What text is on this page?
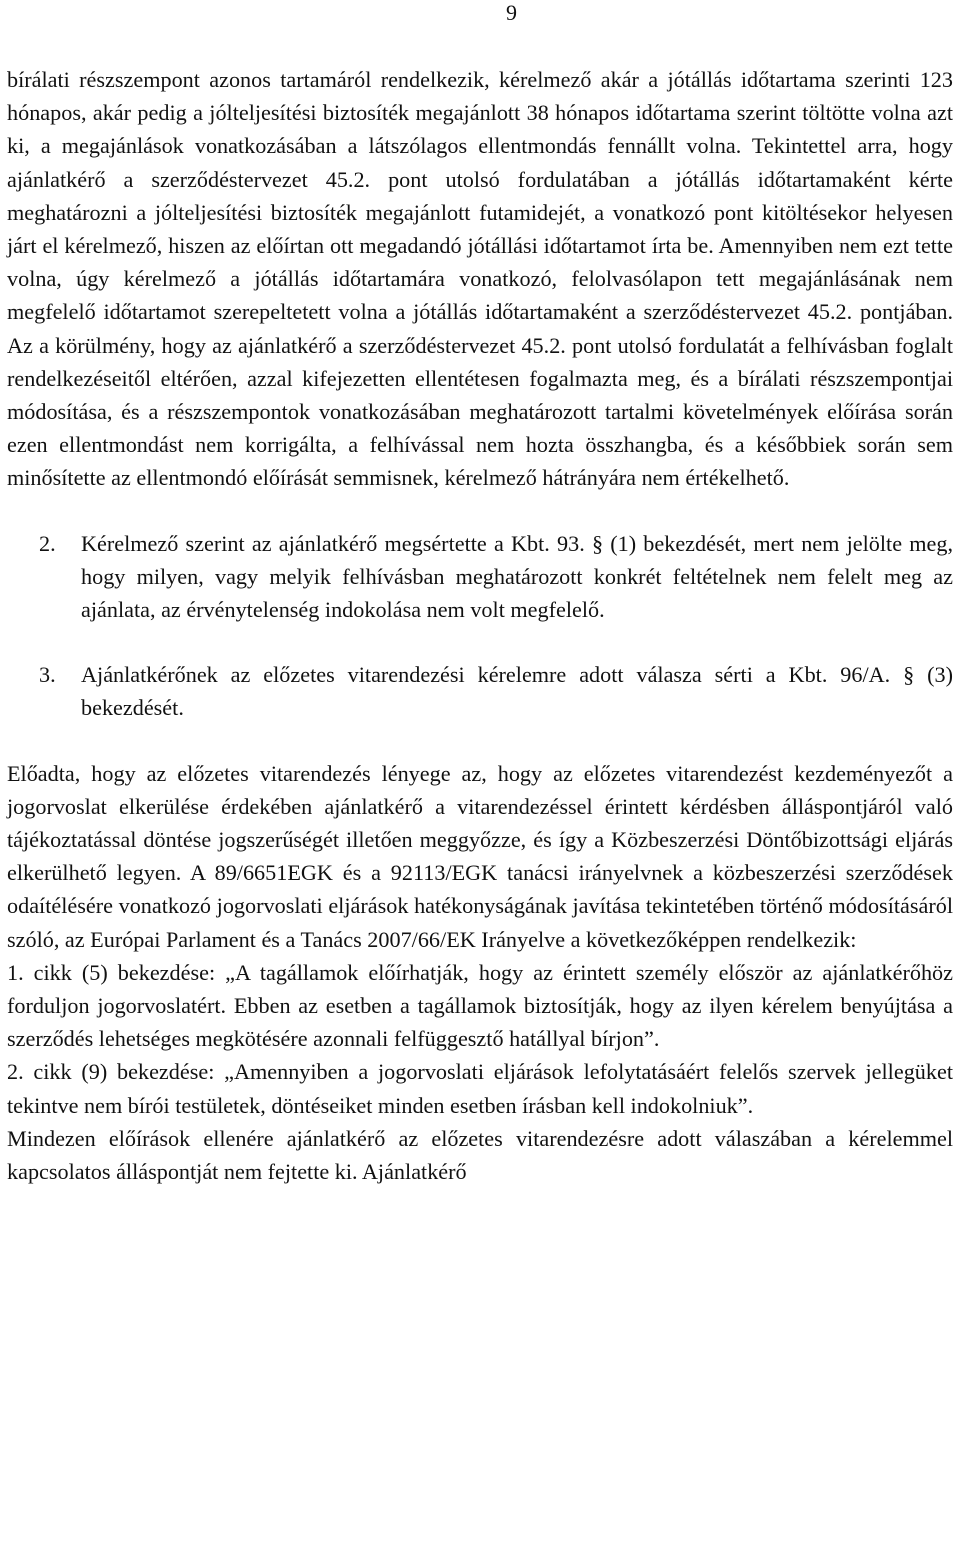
9

bírálati részszempont azonos tartamáról rendelkezik, kérelmező akár a jótállás időtartama szerinti 123 hónapos, akár pedig a jólteljesítési biztosíték megajánlott 38 hónapos időtartama szerint töltötte volna azt ki, a megajánlások vonatkozásában a látszólagos ellentmondás fennállt volna. Tekintettel arra, hogy ajánlatkérő a szerződéstervezet 45.2. pont utolsó fordulatában a jótállás időtartamaként kérte meghatározni a jólteljesítési biztosíték megajánlott futamidejét, a vonatkozó pont kitöltésekor helyesen járt el kérelmező, hiszen az előírtan ott megadandó jótállási időtartamot írta be. Amennyiben nem ezt tette volna, úgy kérelmező a jótállás időtartamára vonatkozó, felolvasólapon tett megajánlásának nem megfelelő időtartamot szerepeltetett volna a jótállás időtartamaként a szerződéstervezet 45.2. pontjában. Az a körülmény, hogy az ajánlatkérő a szerződéstervezet 45.2. pont utolsó fordulatát a felhívásban foglalt rendelkezéseitől eltérően, azzal kifejezetten ellentétesen fogalmazta meg, és a bírálati részszempontjai módosítása, és a részszempontok vonatkozásában meghatározott tartalmi követelmények előírása során ezen ellentmondást nem korrigálta, a felhívással nem hozta összhangba, és a későbbiek során sem minősítette az ellentmondó előírását semmisnek, kérelmező hátrányára nem értékelhető.

2. Kérelmező szerint az ajánlatkérő megsértette a Kbt. 93. § (1) bekezdését, mert nem jelölte meg, hogy milyen, vagy melyik felhívásban meghatározott konkrét feltételnek nem felelt meg az ajánlata, az érvénytelenség indokolása nem volt megfelelő.
3. Ajánlatkérőnek az előzetes vitarendezési kérelemre adott válasza sérti a Kbt. 96/A. § (3) bekezdését.

Előadta, hogy az előzetes vitarendezés lényege az, hogy az előzetes vitarendezést kezdeményezőt a jogorvoslat elkerülése érdekében ajánlatkérő a vitarendezéssel érintett kérdésben álláspontjáról való tájékoztatással döntése jogszerűségét illetően meggyőzze, és így a Közbeszerzési Döntőbizottsági eljárás elkerülhető legyen. A 89/6651EGK és a 92113/EGK tanácsi irányelvnek a közbeszerzési szerződések odaítélésére vonatkozó jogorvoslati eljárások hatékonyságának javítása tekintetében történő módosításáról szóló, az Európai Parlament és a Tanács 2007/66/EK Irányelve a következőképpen rendelkezik:

1. cikk (5) bekezdése: „A tagállamok előírhatják, hogy az érintett személy először az ajánlatkérőhöz forduljon jogorvoslatért. Ebben az esetben a tagállamok biztosítják, hogy az ilyen kérelem benyújtása a szerződés lehetséges megkötésére azonnali felfüggesztő hatállyal bírjon”.

2. cikk (9) bekezdése: „Amennyiben a jogorvoslati eljárások lefolytatásáért felelős szervek jellegüket tekintve nem bírói testületek, döntéseiket minden esetben írásban kell indokolniuk”.

Mindezen előírások ellenére ajánlatkérő az előzetes vitarendezésre adott válaszában a kérelemmel kapcsolatos álláspontját nem fejtette ki. Ajánlatkérő
